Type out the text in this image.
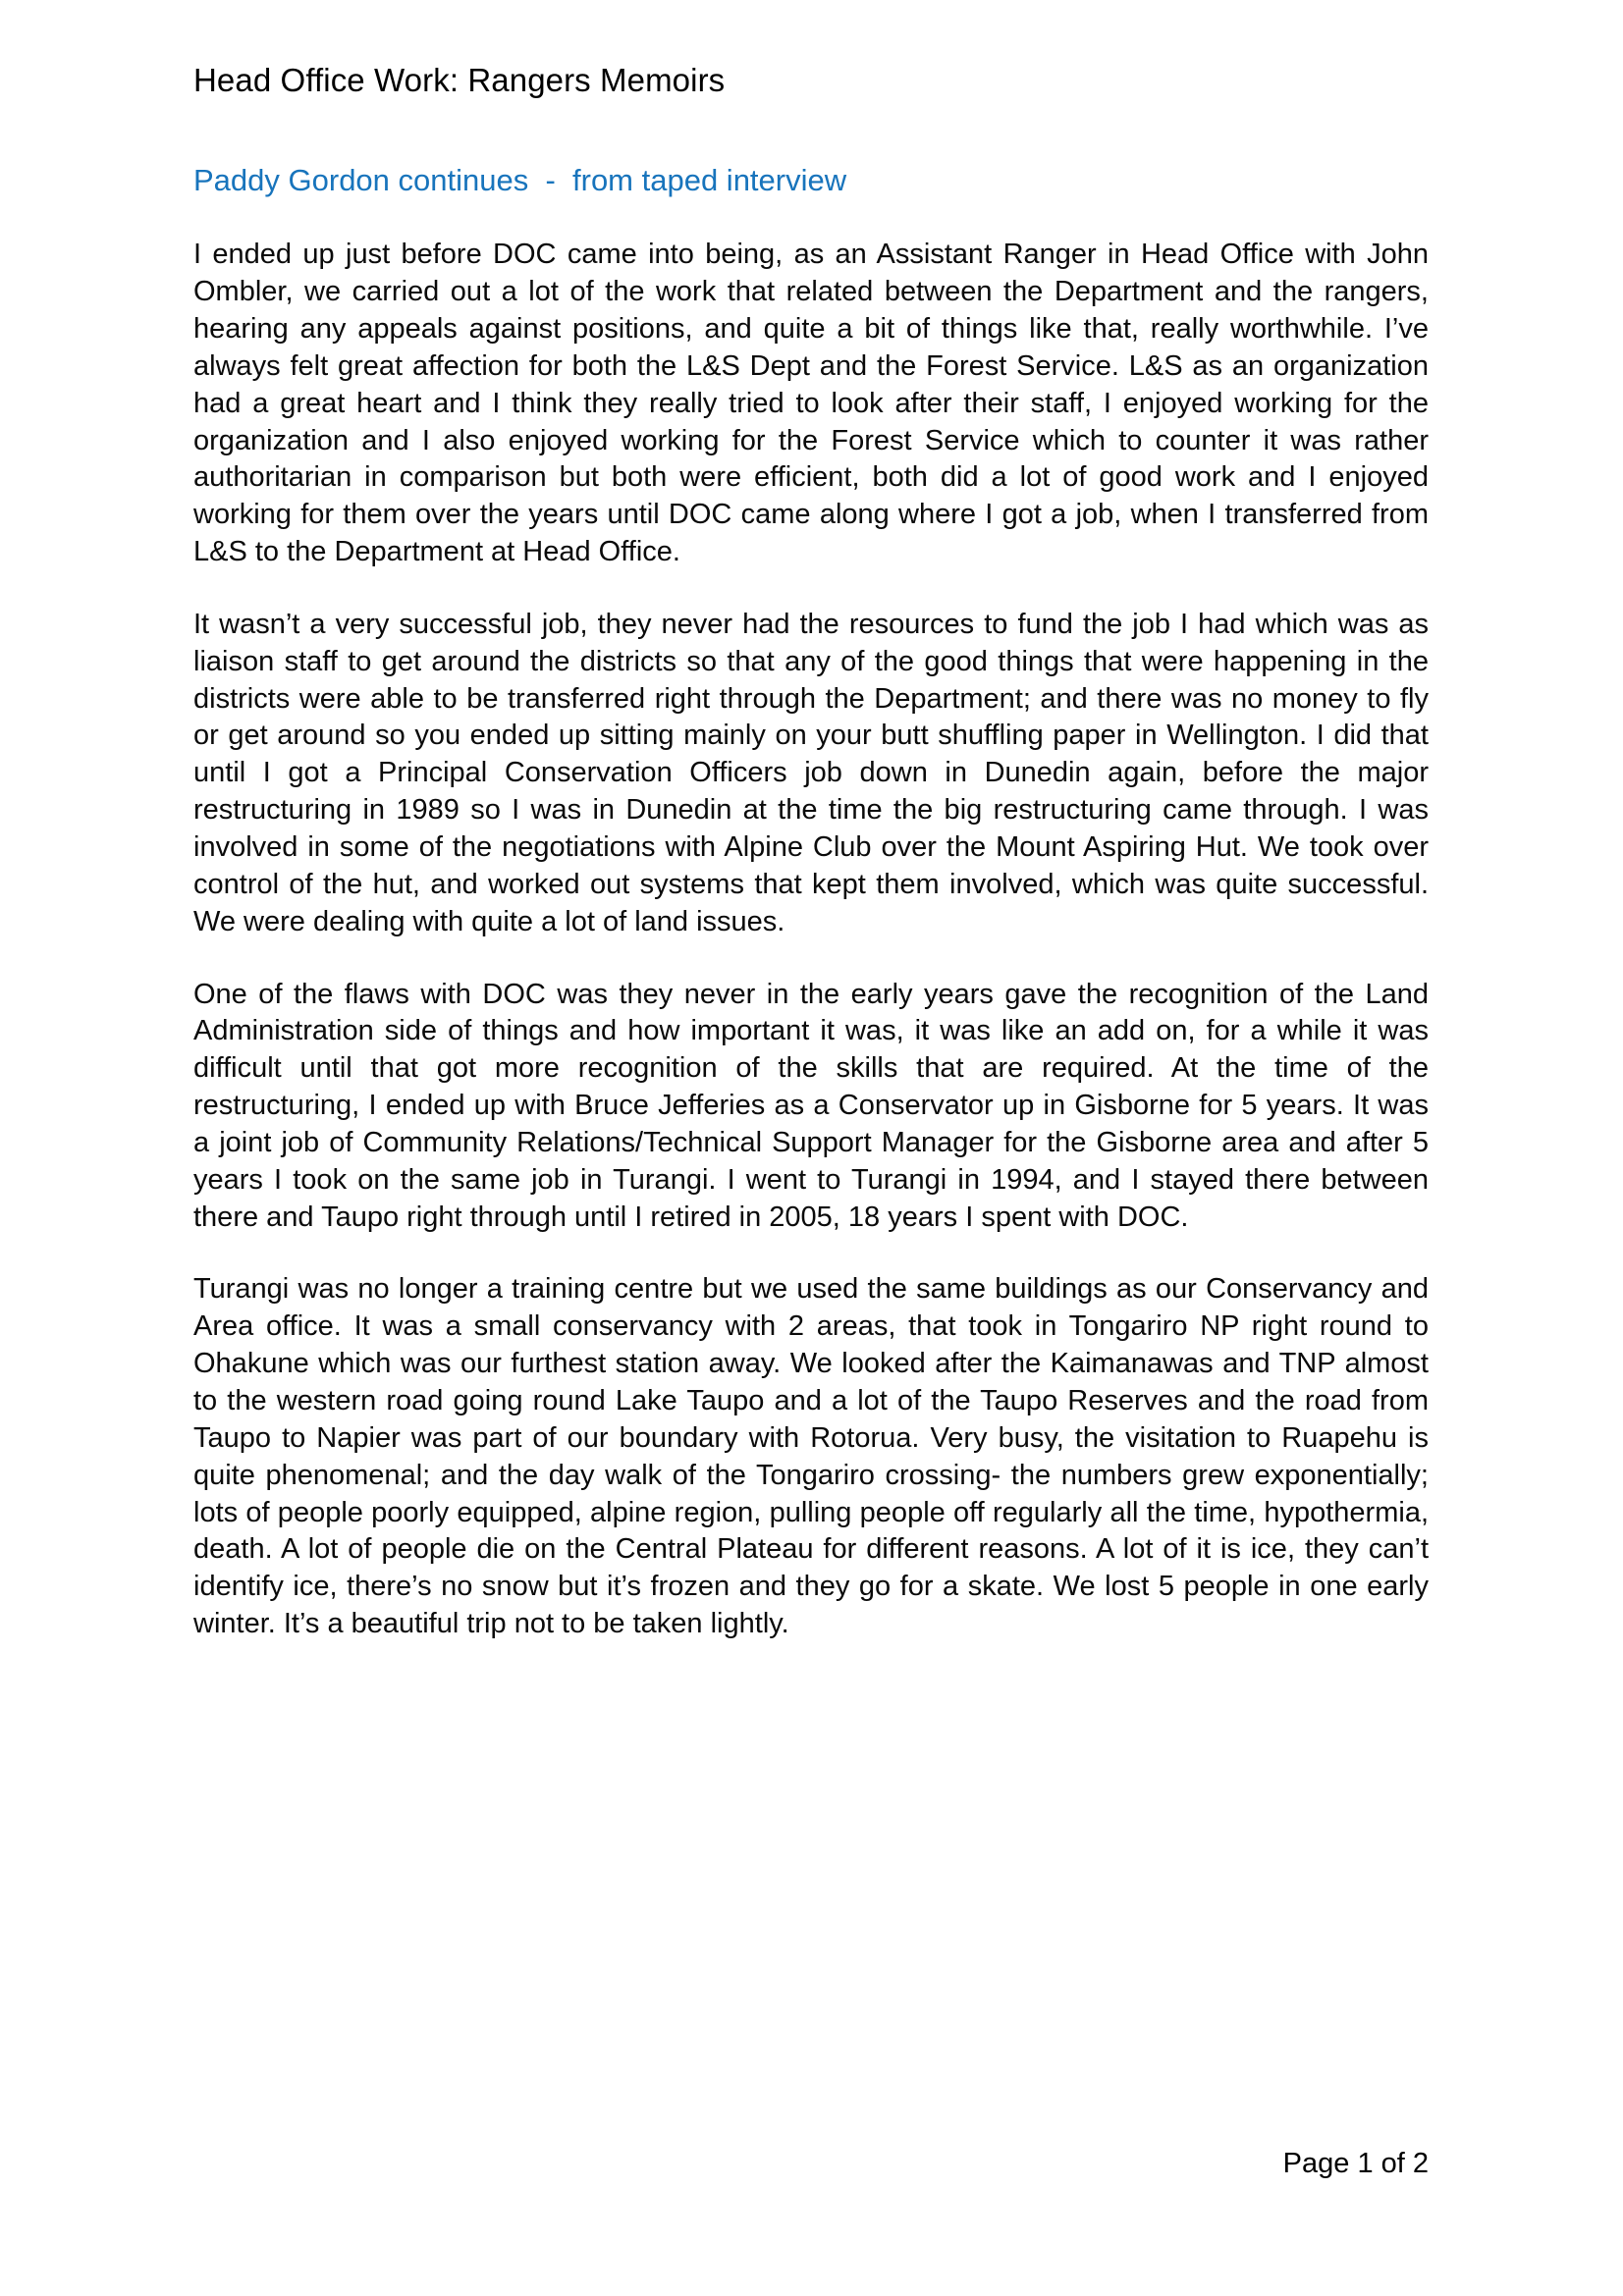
Head Office Work: Rangers Memoirs
Paddy Gordon continues  -  from taped interview

I ended up just before DOC came into being, as an Assistant Ranger in Head Office with John Ombler, we carried out a lot of the work that related between the Department and the rangers, hearing any appeals against positions, and quite a bit of things like that, really worthwhile. I’ve always felt great affection for both the L&S Dept and the Forest Service. L&S as an organization had a great heart and I think they really tried to look after their staff, I enjoyed working for the organization and I also enjoyed working for the Forest Service which to counter it was rather authoritarian in comparison but both were efficient, both did a lot of good work and I enjoyed working for them over the years until DOC came along where I got a job, when I transferred from L&S to the Department at Head Office.

It wasn’t a very successful job, they never had the resources to fund the job I had which was as liaison staff to get around the districts so that any of the good things that were happening in the districts were able to be transferred right through the Department; and there was no money to fly or get around so you ended up sitting mainly on your butt shuffling paper in Wellington. I did that until I got a Principal Conservation Officers job down in Dunedin again, before the major restructuring in 1989 so I was in Dunedin at the time the big restructuring came through. I was involved in some of the negotiations with Alpine Club over the Mount Aspiring Hut. We took over control of the hut, and worked out systems that kept them involved, which was quite successful. We were dealing with quite a lot of land issues.

One of the flaws with DOC was they never in the early years gave the recognition of the Land Administration side of things and how important it was, it was like an add on, for a while it was difficult until that got more recognition of the skills that are required. At the time of the restructuring, I ended up with Bruce Jefferies as a Conservator up in Gisborne for 5 years. It was a joint job of Community Relations/Technical Support Manager for the Gisborne area and after 5 years I took on the same job in Turangi. I went to Turangi in 1994, and I stayed there between there and Taupo right through until I retired in 2005, 18 years I spent with DOC.

Turangi was no longer a training centre but we used the same buildings as our Conservancy and Area office. It was a small conservancy with 2 areas, that took in Tongariro NP right round to Ohakune which was our furthest station away. We looked after the Kaimanawas and TNP almost to the western road going round Lake Taupo and a lot of the Taupo Reserves and the road from Taupo to Napier was part of our boundary with Rotorua. Very busy, the visitation to Ruapehu is quite phenomenal; and the day walk of the Tongariro crossing- the numbers grew exponentially; lots of people poorly equipped, alpine region, pulling people off regularly all the time, hypothermia, death. A lot of people die on the Central Plateau for different reasons. A lot of it is ice, they can’t identify ice, there’s no snow but it’s frozen and they go for a skate. We lost 5 people in one early winter. It’s a beautiful trip not to be taken lightly.

Page 1 of 2
